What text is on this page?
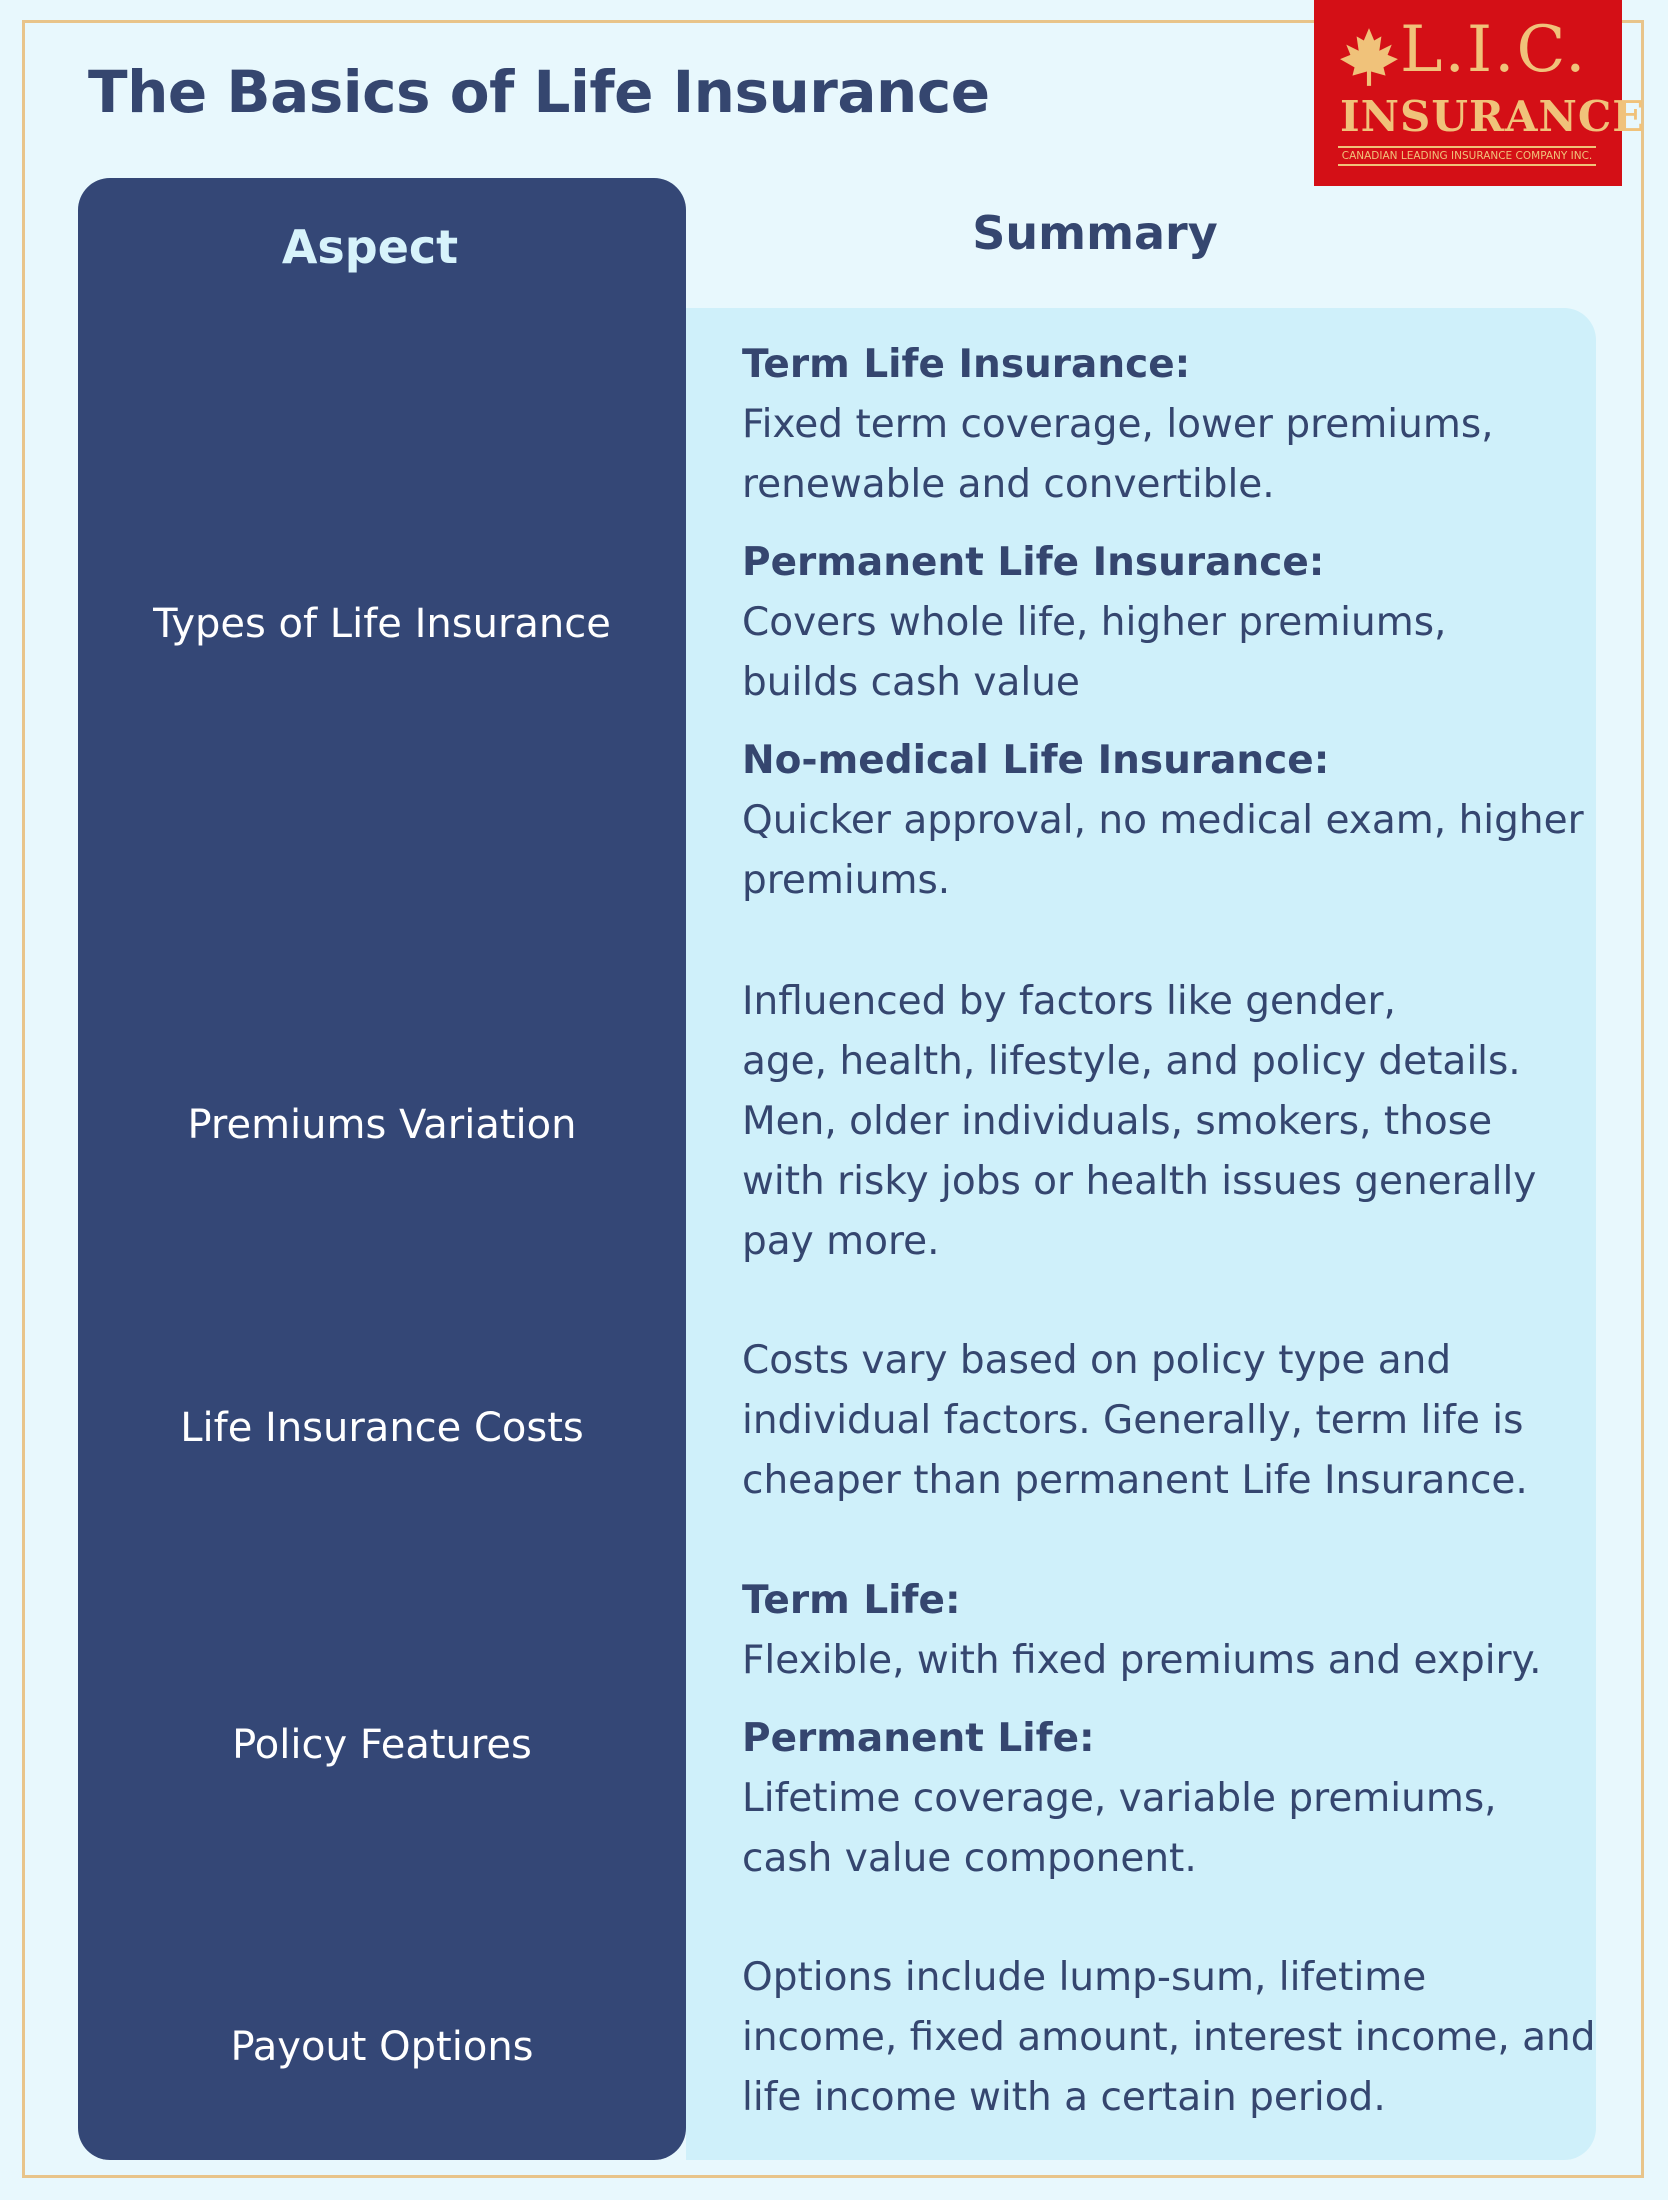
The Basics of Life Insurance
L.I.C.
INSURANCE
CANADIAN LEADING INSURANCE COMPANY INC.
Aspect	Summary
Types of Life Insurance
Term Life Insurance:
Fixed term coverage, lower premiums,
renewable and convertible.
Permanent Life Insurance:
Covers whole life, higher premiums,
builds cash value
No-medical Life Insurance:
Quicker approval, no medical exam, higher
premiums.
Premiums Variation
Influenced by factors like gender,
age, health, lifestyle, and policy details.
Men, older individuals, smokers, those
with risky jobs or health issues generally
pay more.
Life Insurance Costs
Costs vary based on policy type and
individual factors. Generally, term life is
cheaper than permanent Life Insurance.
Policy Features
Term Life:
Flexible, with fixed premiums and expiry.
Permanent Life:
Lifetime coverage, variable premiums,
cash value component.
Payout Options
Options include lump-sum, lifetime
income, fixed amount, interest income, and
life income with a certain period.
